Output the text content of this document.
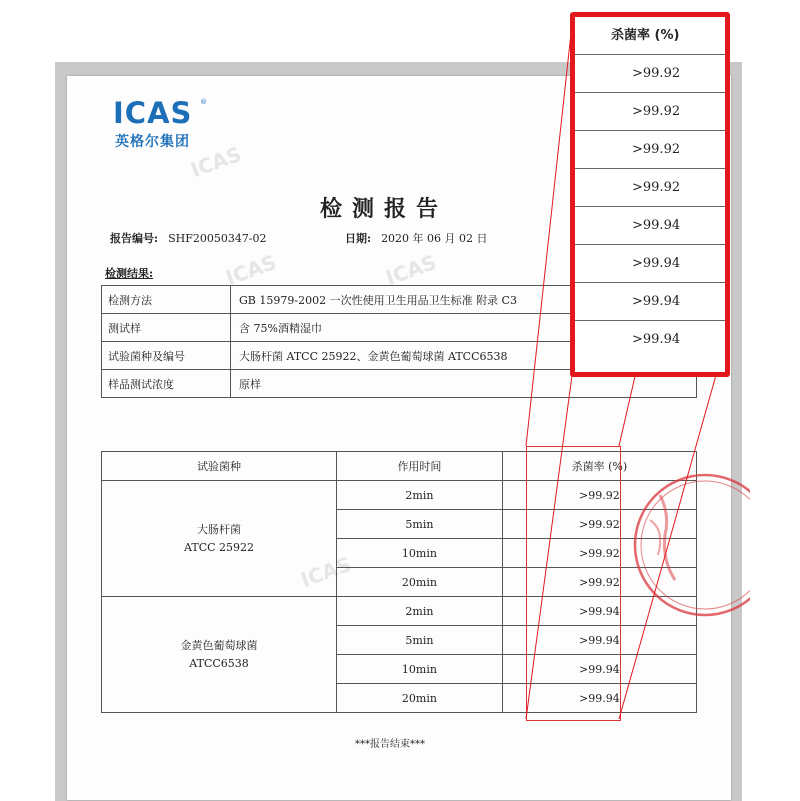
ICAS
ICAS	ICAS
ICAS
ICAS ®
英格尔集团
检测报告
报告编号: SHF20050347-02	日期: 2020 年 06 月 02 日
检测结果:
检测方法	GB 15979-2002 一次性使用卫生用品卫生标准 附录 C3
测试样	含 75%酒精湿巾
试验菌种及编号	大肠杆菌 ATCC 25922、金黄色葡萄球菌 ATCC6538
样品测试浓度	原样
试验菌种	作用时间	杀菌率 (%)
大肠杆菌
ATCC 25922	2min	>99.92
	5min	>99.92
	10min	>99.92
	20min	>99.92
金黄色葡萄球菌
ATCC6538	2min	>99.94
	5min	>99.94
	10min	>99.94
	20min	>99.94
***报告结束***
杀菌率 (%)
>99.92
>99.92
>99.92
>99.92
>99.94
>99.94
>99.94
>99.94
